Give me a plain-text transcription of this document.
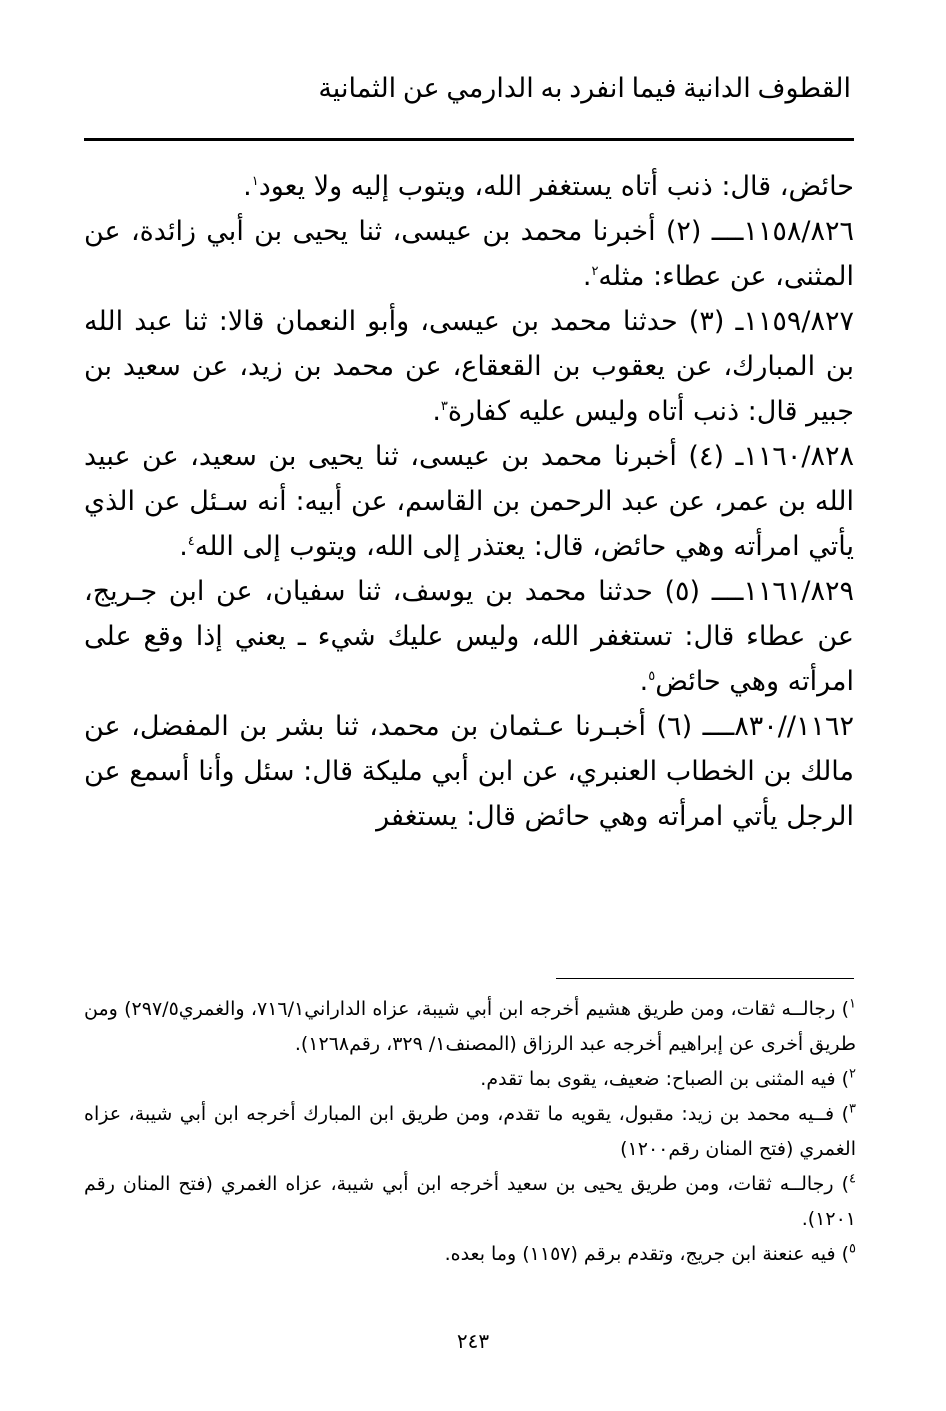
القطوف الدانية فيما انفرد به الدارمي عن الثمانية

حائض، قال: ذنب أتاه يستغفر الله، ويتوب إليه ولا يعود$^١$.

١١٥٨/٨٢٦ــــ (٢) أخبرنا محمد بن عيسى، ثنا يحيى بن أبي زائدة، عن المثنى، عن عطاء: مثله$^٢$.

١١٥٩/٨٢٧ـ (٣) حدثنا محمد بن عيسى، وأبو النعمان قالا: ثنا عبد الله بن المبارك، عن يعقوب بن القعقاع، عن محمد بن زيد، عن سعيد بن جبير قال: ذنب أتاه وليس عليه كفارة$^٣$.

١١٦٠/٨٢٨ـ (٤) أخبرنا محمد بن عيسى، ثنا يحيى بن سعيد، عن عبيد الله بن عمر، عن عبد الرحمن بن القاسم، عن أبيه: أنه سـئل عن الذي يأتي امرأته وهي حائض، قال: يعتذر إلى الله، ويتوب إلى الله$^٤$.

١١٦١/٨٢٩ــــ (٥) حدثنا محمد بن يوسف، ثنا سفيان، عن ابن جـريج، عن عطاء قال: تستغفر الله، وليس عليك شيء ـ يعني إذا وقع على امرأته وهي حائض$^٥$.

١١٦٢//٨٣٠ــــ (٦) أخبـرنا عـثمان بن محمد، ثنا بشر بن المفضل، عن مالك بن الخطاب العنبري، عن ابن أبي مليكة قال: سئل وأنا أسمع عن الرجل يأتي امرأته وهي حائض قال: يستغفر

$^١$) رجالــه ثقات، ومن طريق هشيم أخرجه ابن أبي شيبة، عزاه الداراني٧١٦/١، والغمري٢٩٧/٥) ومن طريق أخرى عن إبراهيم أخرجه عبد الرزاق (المصنف١/ ٣٢٩، رقم١٢٦٨).

$^٢$) فيه المثنى بن الصباح: ضعيف، يقوى بما تقدم.

$^٣$) فــيه محمد بن زيد: مقبول، يقويه ما تقدم، ومن طريق ابن المبارك أخرجه ابن أبي شيبة، عزاه الغمري (فتح المنان رقم١٢٠٠)

$^٤$) رجالــه ثقات، ومن طريق يحيى بن سعيد أخرجه ابن أبي شيبة، عزاه الغمري (فتح المنان رقم ١٢٠١).

$^٥$) فيه عنعنة ابن جريج، وتقدم برقم (١١٥٧) وما بعده.

٢٤٣
